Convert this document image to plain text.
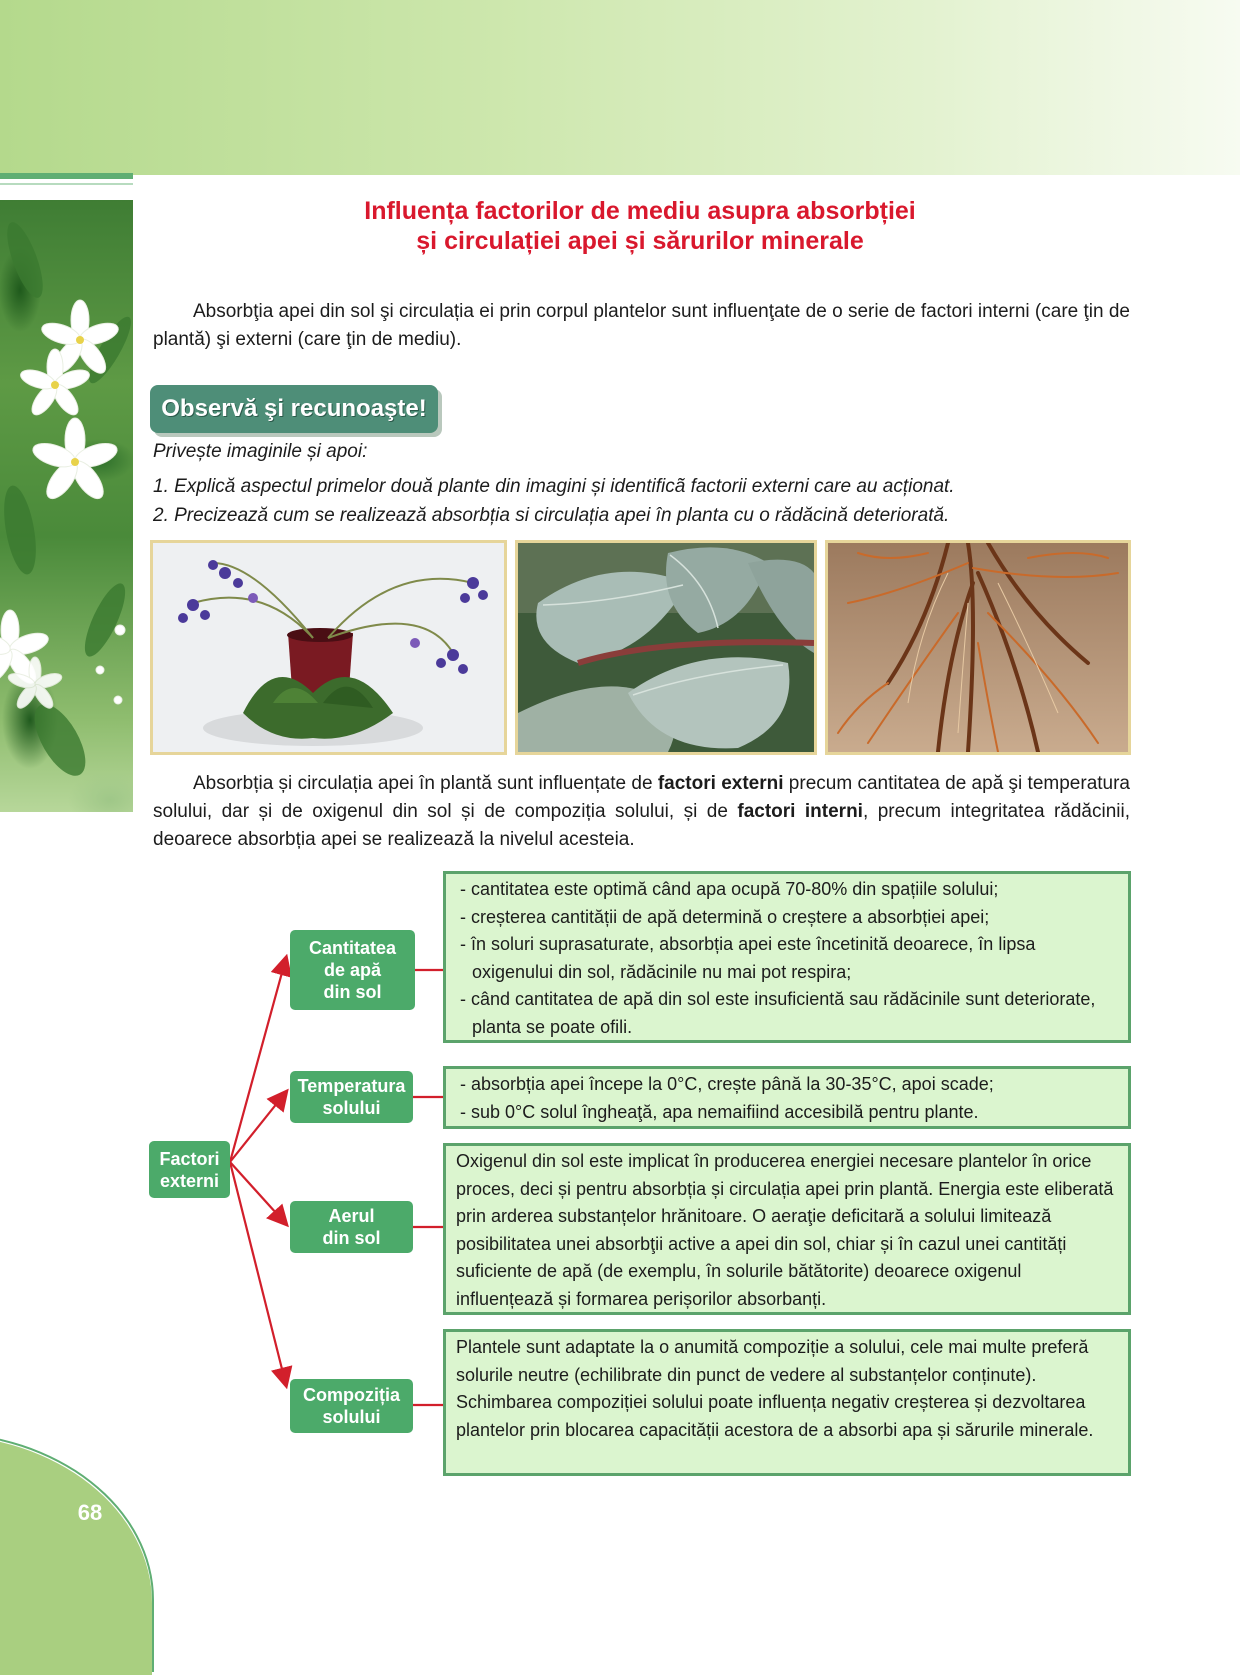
68
Influența factorilor de mediu asupra absorbției
și circulației apei și sărurilor minerale

Absorbţia apei din sol şi circulația ei prin corpul plantelor sunt influenţate de o serie de factori interni (care ţin de plantă) şi externi (care ţin de mediu).

Observă şi recunoaşte!

Privește imaginile și apoi:

1. Explică aspectul primelor două plante din imagini și identificã factorii externi care au acționat.

2. Precizează cum se realizează absorbția si circulația apei în planta cu o rădăcină deteriorată.

Absorbția și circulația apei în plantă sunt influențate de factori externi precum cantitatea de apă şi temperatura solului, dar și de oxigenul din sol și de compoziția solului, și de factori interni, precum integritatea rădăcinii, deoarece absorbția apei se realizează la nivelul acesteia.

Factori
externi
Cantitatea
de apă
din sol
Temperatura
solului
Aerul
din sol
Compoziția
solului
- cantitatea este optimă când apa ocupă 70-80% din spațiile solului;
- creșterea cantității de apă determină o creștere a absorbției apei;
- în soluri suprasaturate, absorbția apei este încetinită deoarece, în lipsa oxigenului din sol, rădăcinile nu mai pot respira;
- când cantitatea de apă din sol este insuficientă sau rădăcinile sunt deteriorate, planta se poate ofili.
- absorbția apei începe la 0°C, crește până la 30-35°C, apoi scade;
- sub 0°C solul îngheaţă, apa nemaifiind accesibilă pentru plante.
Oxigenul din sol este implicat în producerea energiei necesare plantelor în orice proces, deci și pentru absorbția și circulația apei prin plantă. Energia este eliberată prin arderea substanțelor hrănitoare. O aeraţie deficitară a solului limitează posibilitatea unei absorbţii active a apei din sol, chiar și în cazul unei cantități suficiente de apă (de exemplu, în solurile bătătorite) deoarece oxigenul influențează și formarea perișorilor absorbanți.
Plantele sunt adaptate la o anumită compoziție a solului, cele mai multe preferă solurile neutre (echilibrate din punct de vedere al substanțelor conținute). Schimbarea compoziției solului poate influența negativ creșterea și dezvoltarea plantelor prin blocarea capacității acestora de a absorbi apa și sărurile minerale.
